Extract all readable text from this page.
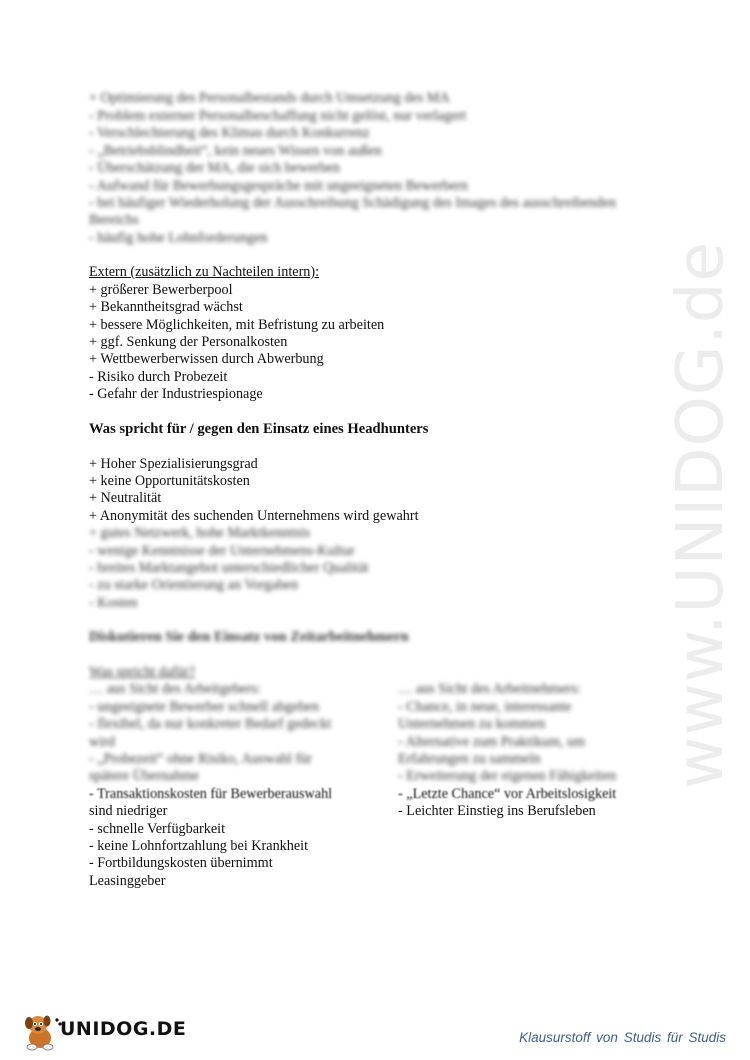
+ Optimierung des Personalbestands durch Umsetzung des MA
- Problem externer Personalbeschaffung nicht gelöst, nur verlagert
- Verschlechterung des Klimas durch Konkurrenz
- „Betriebsblindheit“, kein neues Wissen von außen
- Überschätzung der MA, die sich bewerben
- Aufwand für Bewerbungsgespräche mit ungeeigneten Bewerbern
- bei häufiger Wiederholung der Ausschreibung Schädigung des Images des ausschreibenden
Bereichs
- häufig hohe Lohnforderungen
Extern (zusätzlich zu Nachteilen intern):
+ größerer Bewerberpool
+ Bekanntheitsgrad wächst
+ bessere Möglichkeiten, mit Befristung zu arbeiten
+ ggf. Senkung der Personalkosten
+ Wettbewerberwissen durch Abwerbung
- Risiko durch Probezeit
- Gefahr der Industriespionage
Was spricht für / gegen den Einsatz eines Headhunters
+ Hoher Spezialisierungsgrad
+ keine Opportunitätskosten
+ Neutralität
+ Anonymität des suchenden Unternehmens wird gewahrt
+ gutes Netzwerk, hohe Marktkenntnis
- wenige Kenntnisse der Unternehmens-Kultur
- breites Marktangebot unterschiedlicher Qualität
- zu starke Orientierung an Vorgaben
- Kosten
Diskutieren Sie den Einsatz von Zeitarbeitnehmern
Was spricht dafür?
… aus Sicht des Arbeitgebers:
- ungeeignete Bewerber schnell abgeben
- flexibel, da nur konkreter Bedarf gedeckt
wird
- „Probezeit“ ohne Risiko, Auswahl für
spätere Übernahme
… aus Sicht des Arbeitnehmers:
- Chance, in neue, interessante
Unternehmen zu kommen
- Alternative zum Praktikum, um
Erfahrungen zu sammeln
- Erweiterung der eigenen Fähigkeiten
- Transaktionskosten für Bewerberauswahl	- „Letzte Chance“ vor Arbeitslosigkeit
sind niedriger
- schnelle Verfügbarkeit
- keine Lohnfortzahlung bei Krankheit
- Fortbildungskosten übernimmt
Leasinggeber
- Leichter Einstieg ins Berufsleben
www.UNIDOG.de
UNIDOG.DE	Klausurstoff von Studis für Studis
